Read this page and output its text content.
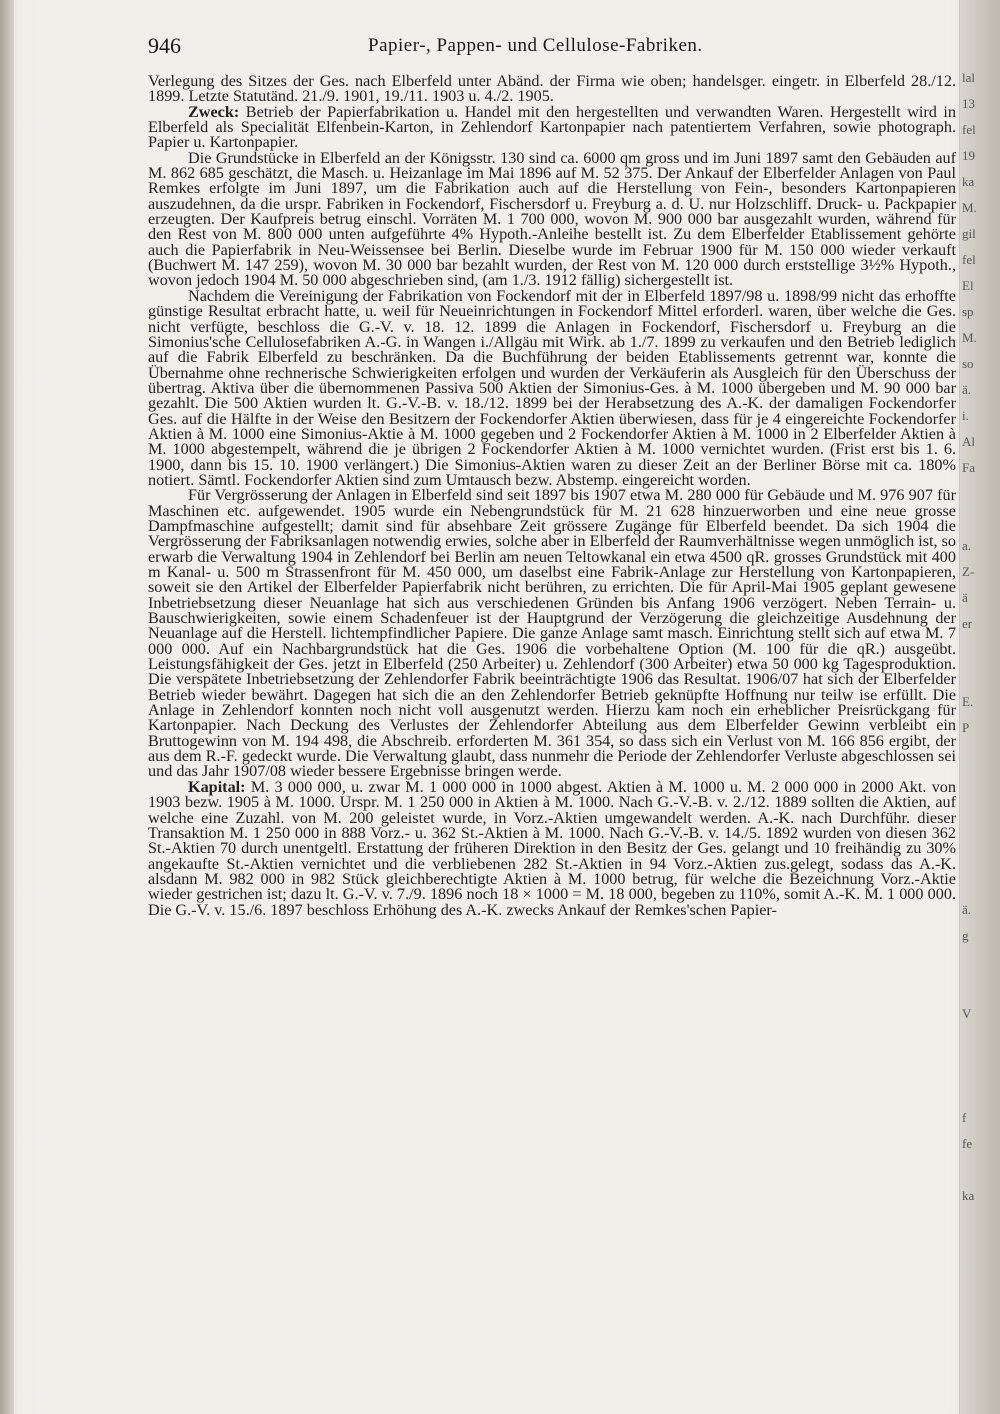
946	Papier-, Pappen- und Cellulose-Fabriken.

Verlegung des Sitzes der Ges. nach Elberfeld unter Abänd. der Firma wie oben; handelsger. eingetr. in Elberfeld 28./12. 1899. Letzte Statutänd. 21./9. 1901, 19./11. 1903 u. 4./2. 1905.

Zweck: Betrieb der Papierfabrikation u. Handel mit den hergestellten und verwandten Waren. Hergestellt wird in Elberfeld als Specialität Elfenbein-Karton, in Zehlendorf Kartonpapier nach patentiertem Verfahren, sowie photograph. Papier u. Kartonpapier.

Die Grundstücke in Elberfeld an der Königsstr. 130 sind ca. 6000 qm gross und im Juni 1897 samt den Gebäuden auf M. 862 685 geschätzt, die Masch. u. Heizanlage im Mai 1896 auf M. 52 375. Der Ankauf der Elberfelder Anlagen von Paul Remkes erfolgte im Juni 1897, um die Fabrikation auch auf die Herstellung von Fein-, besonders Kartonpapieren auszudehnen, da die urspr. Fabriken in Fockendorf, Fischersdorf u. Freyburg a. d. U. nur Holzschliff. Druck- u. Packpapier erzeugten. Der Kaufpreis betrug einschl. Vorräten M. 1 700 000, wovon M. 900 000 bar ausgezahlt wurden, während für den Rest von M. 800 000 unten aufgeführte 4% Hypoth.-Anleihe bestellt ist. Zu dem Elberfelder Etablissement gehörte auch die Papierfabrik in Neu-Weissensee bei Berlin. Dieselbe wurde im Februar 1900 für M. 150 000 wieder verkauft (Buchwert M. 147 259), wovon M. 30 000 bar bezahlt wurden, der Rest von M. 120 000 durch erststellige 3½% Hypoth., wovon jedoch 1904 M. 50 000 abgeschrieben sind, (am 1./3. 1912 fällig) sichergestellt ist.

Nachdem die Vereinigung der Fabrikation von Fockendorf mit der in Elberfeld 1897/98 u. 1898/99 nicht das erhoffte günstige Resultat erbracht hatte, u. weil für Neueinrichtungen in Fockendorf Mittel erforderl. waren, über welche die Ges. nicht verfügte, beschloss die G.-V. v. 18. 12. 1899 die Anlagen in Fockendorf, Fischersdorf u. Freyburg an die Simonius'sche Cellulosefabriken A.-G. in Wangen i./Allgäu mit Wirk. ab 1./7. 1899 zu verkaufen und den Betrieb lediglich auf die Fabrik Elberfeld zu beschränken. Da die Buchführung der beiden Etablissements getrennt war, konnte die Übernahme ohne rechnerische Schwierigkeiten erfolgen und wurden der Verkäuferin als Ausgleich für den Überschuss der übertrag. Aktiva über die übernommenen Passiva 500 Aktien der Simonius-Ges. à M. 1000 übergeben und M. 90 000 bar gezahlt. Die 500 Aktien wurden lt. G.-V.-B. v. 18./12. 1899 bei der Herabsetzung des A.-K. der damaligen Fockendorfer Ges. auf die Hälfte in der Weise den Besitzern der Fockendorfer Aktien überwiesen, dass für je 4 eingereichte Fockendorfer Aktien à M. 1000 eine Simonius-Aktie à M. 1000 gegeben und 2 Fockendorfer Aktien à M. 1000 in 2 Elberfelder Aktien à M. 1000 abgestempelt, während die je übrigen 2 Fockendorfer Aktien à M. 1000 vernichtet wurden. (Frist erst bis 1. 6. 1900, dann bis 15. 10. 1900 verlängert.) Die Simonius-Aktien waren zu dieser Zeit an der Berliner Börse mit ca. 180% notiert. Sämtl. Fockendorfer Aktien sind zum Umtausch bezw. Abstemp. eingereicht worden.

Für Vergrösserung der Anlagen in Elberfeld sind seit 1897 bis 1907 etwa M. 280 000 für Gebäude und M. 976 907 für Maschinen etc. aufgewendet. 1905 wurde ein Nebengrundstück für M. 21 628 hinzuerworben und eine neue grosse Dampfmaschine aufgestellt; damit sind für absehbare Zeit grössere Zugänge für Elberfeld beendet. Da sich 1904 die Vergrösserung der Fabriksanlagen notwendig erwies, solche aber in Elberfeld der Raumverhältnisse wegen unmöglich ist, so erwarb die Verwaltung 1904 in Zehlendorf bei Berlin am neuen Teltowkanal ein etwa 4500 qR. grosses Grundstück mit 400 m Kanal- u. 500 m Strassenfront für M. 450 000, um daselbst eine Fabrik-Anlage zur Herstellung von Kartonpapieren, soweit sie den Artikel der Elberfelder Papierfabrik nicht berühren, zu errichten. Die für April-Mai 1905 geplant gewesene Inbetriebsetzung dieser Neuanlage hat sich aus verschiedenen Gründen bis Anfang 1906 verzögert. Neben Terrain- u. Bauschwierigkeiten, sowie einem Schadenfeuer ist der Hauptgrund der Verzögerung die gleichzeitige Ausdehnung der Neuanlage auf die Herstell. lichtempfindlicher Papiere. Die ganze Anlage samt masch. Einrichtung stellt sich auf etwa M. 7 000 000. Auf ein Nachbargrundstück hat die Ges. 1906 die vorbehaltene Option (M. 100 für die qR.) ausgeübt. Leistungsfähigkeit der Ges. jetzt in Elberfeld (250 Arbeiter) u. Zehlendorf (300 Arbeiter) etwa 50 000 kg Tagesproduktion. Die verspätete Inbetriebsetzung der Zehlendorfer Fabrik beeinträchtigte 1906 das Resultat. 1906/07 hat sich der Elberfelder Betrieb wieder bewährt. Dagegen hat sich die an den Zehlendorfer Betrieb geknüpfte Hoffnung nur teilw ise erfüllt. Die Anlage in Zehlendorf konnten noch nicht voll ausgenutzt werden. Hierzu kam noch ein erheblicher Preisrückgang für Kartonpapier. Nach Deckung des Verlustes der Zehlendorfer Abteilung aus dem Elberfelder Gewinn verbleibt ein Bruttogewinn von M. 194 498, die Abschreib. erforderten M. 361 354, so dass sich ein Verlust von M. 166 856 ergibt, der aus dem R.-F. gedeckt wurde. Die Verwaltung glaubt, dass nunmehr die Periode der Zehlendorfer Verluste abgeschlossen sei und das Jahr 1907/08 wieder bessere Ergebnisse bringen werde.

Kapital: M. 3 000 000, u. zwar M. 1 000 000 in 1000 abgest. Aktien à M. 1000 u. M. 2 000 000 in 2000 Akt. von 1903 bezw. 1905 à M. 1000. Urspr. M. 1 250 000 in Aktien à M. 1000. Nach G.-V.-B. v. 2./12. 1889 sollten die Aktien, auf welche eine Zuzahl. von M. 200 geleistet wurde, in Vorz.-Aktien umgewandelt werden. A.-K. nach Durchführ. dieser Transaktion M. 1 250 000 in 888 Vorz.- u. 362 St.-Aktien à M. 1000. Nach G.-V.-B. v. 14./5. 1892 wurden von diesen 362 St.-Aktien 70 durch unentgeltl. Erstattung der früheren Direktion in den Besitz der Ges. gelangt und 10 freihändig zu 30% angekaufte St.-Aktien vernichtet und die verbliebenen 282 St.-Aktien in 94 Vorz.-Aktien zus.gelegt, sodass das A.-K. alsdann M. 982 000 in 982 Stück gleichberechtigte Aktien à M. 1000 betrug, für welche die Bezeichnung Vorz.-Aktie wieder gestrichen ist; dazu lt. G.-V. v. 7./9. 1896 noch 18 × 1000 = M. 18 000, begeben zu 110%, somit A.-K. M. 1 000 000. Die G.-V. v. 15./6. 1897 beschloss Erhöhung des A.-K. zwecks Ankauf der Remkes'schen Papier-

lal
13
fel
19
ka
M.
gil
fel
El
sp
M.
so
ä.
i.
Al
Fa
a.
Z-
ä
er
E.
P
ä.
g
V
f
fe
ka
